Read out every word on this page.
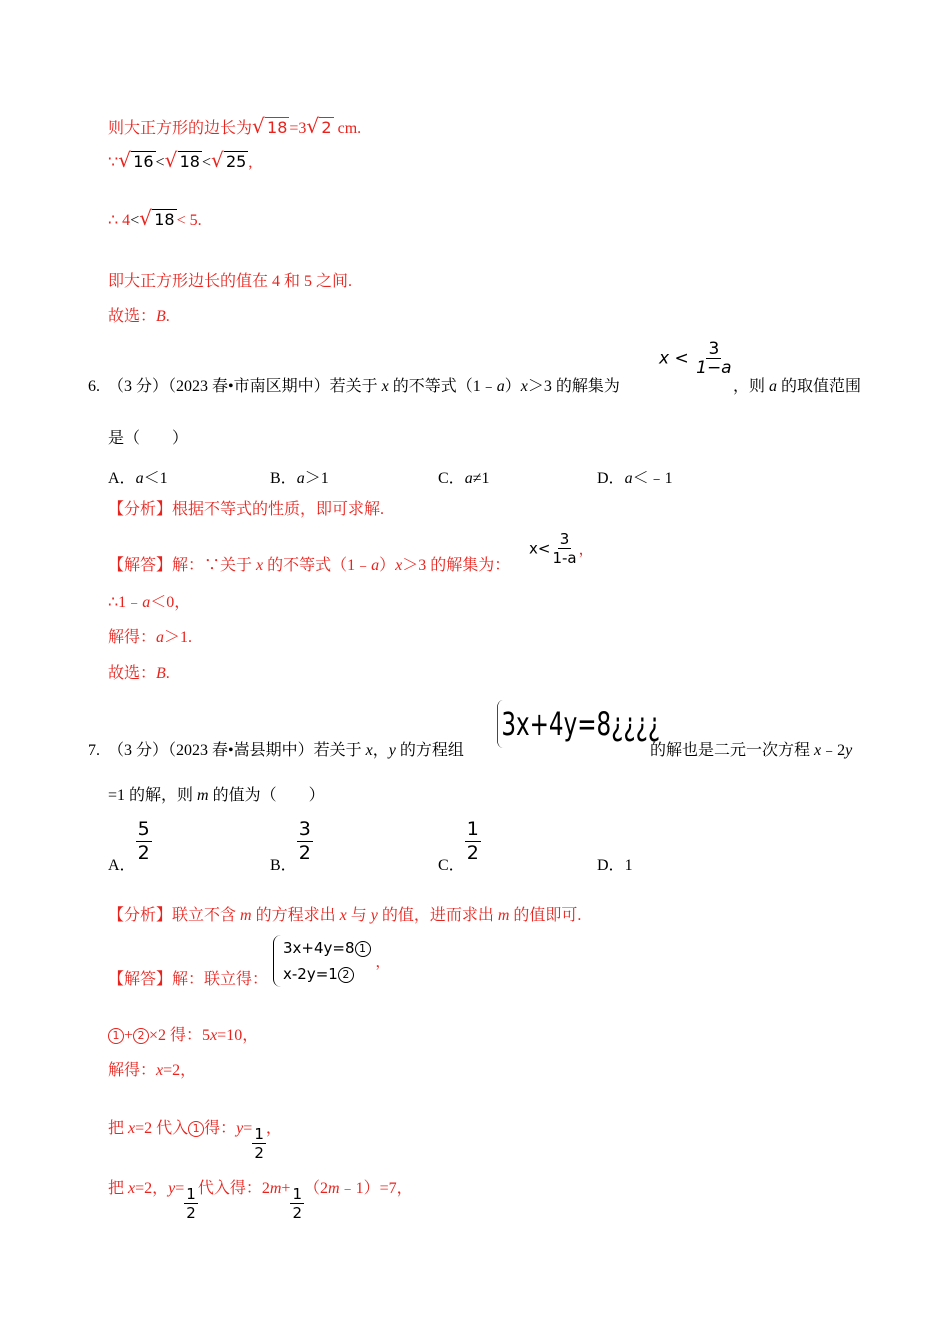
则大正方形的边长为 √ 18 =3 √ 2 cm.
∵ √ 16 < √ 18 < √ 25 ,
∴ 4< √ 18 < 5.
即大正方形边长的值在 4 和 5 之间.
故选：B.
6. （3 分）（2023 春•市南区期中）若关于 x 的不等式（1﹣a）x＞3 的解集为
$x < \frac{3}{1-a}$
，则 a 的取值范围
是（　　）
A．a＜1	B．a＞1	C．a≠1	D．a＜﹣1
【分析】根据不等式的性质，即可求解.
【解答】解：∵关于 x 的不等式（1﹣a）x＞3 的解集为：
$x< \frac{3}{1-a}$ ，
∴1﹣a＜0，
解得：a＞1.
故选：B.
7. （3 分）（2023 春•嵩县期中）若关于 x，y 的方程组
3x+4y=8¿¿¿¿
的解也是二元一次方程 x﹣2y
=1 的解，则 m 的值为（　　）
A．
$\frac{5}{2}$
B．
$\frac{3}{2}$
C．
$\frac{1}{2}$
D．1
【分析】联立不含 m 的方程求出 x 与 y 的值，进而求出 m 的值即可.
【解答】解：联立得：
3x+4y=8 1
x-2y=1 2
，
1 + 2 ×2 得：5x=10，
解得：x=2，
把 x=2 代入 1 得：$y= \frac{1}{2}$ ，
把 x=2，$y= \frac{1}{2}$ 代入得：$2m+ \frac{1}{2}$ （2m﹣1）=7，
